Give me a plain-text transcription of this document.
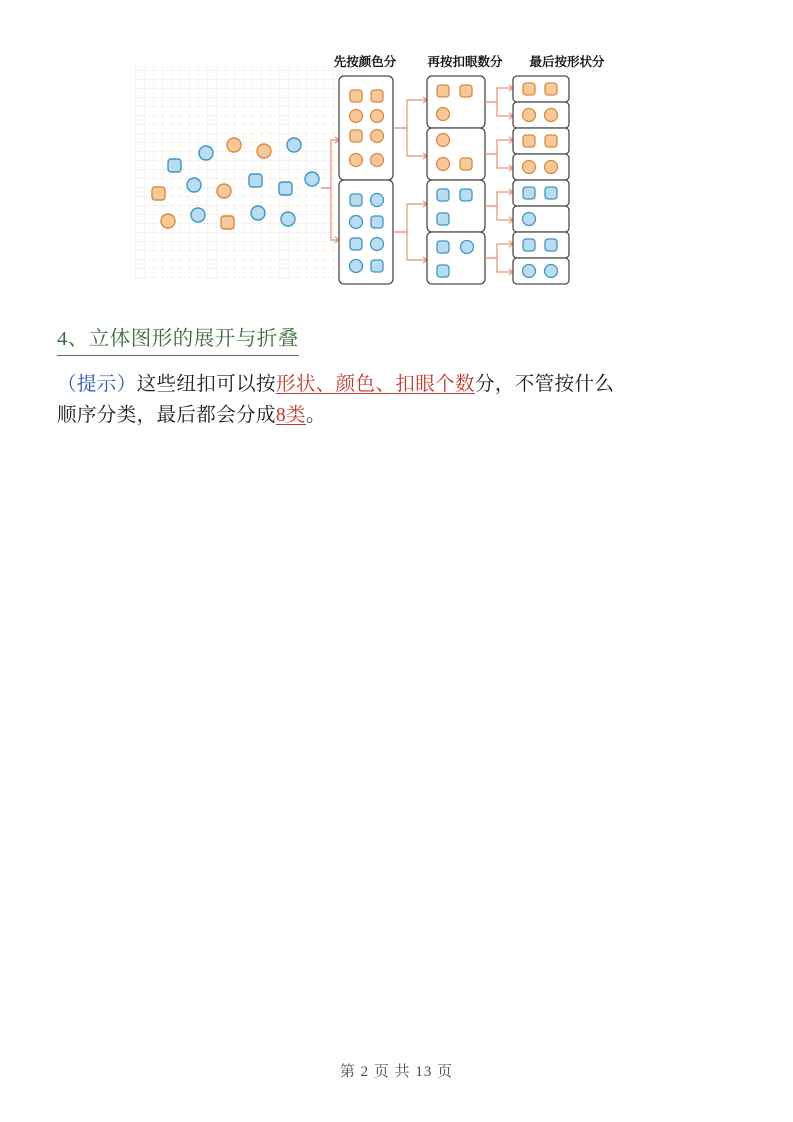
先按颜色分 再按扣眼数分 最后按形状分
4、立体图形的展开与折叠
（提示）这些纽扣可以按形状、颜色、扣眼个数分，不管按什么
顺序分类，最后都会分成8类。
第 2 页 共 13 页
